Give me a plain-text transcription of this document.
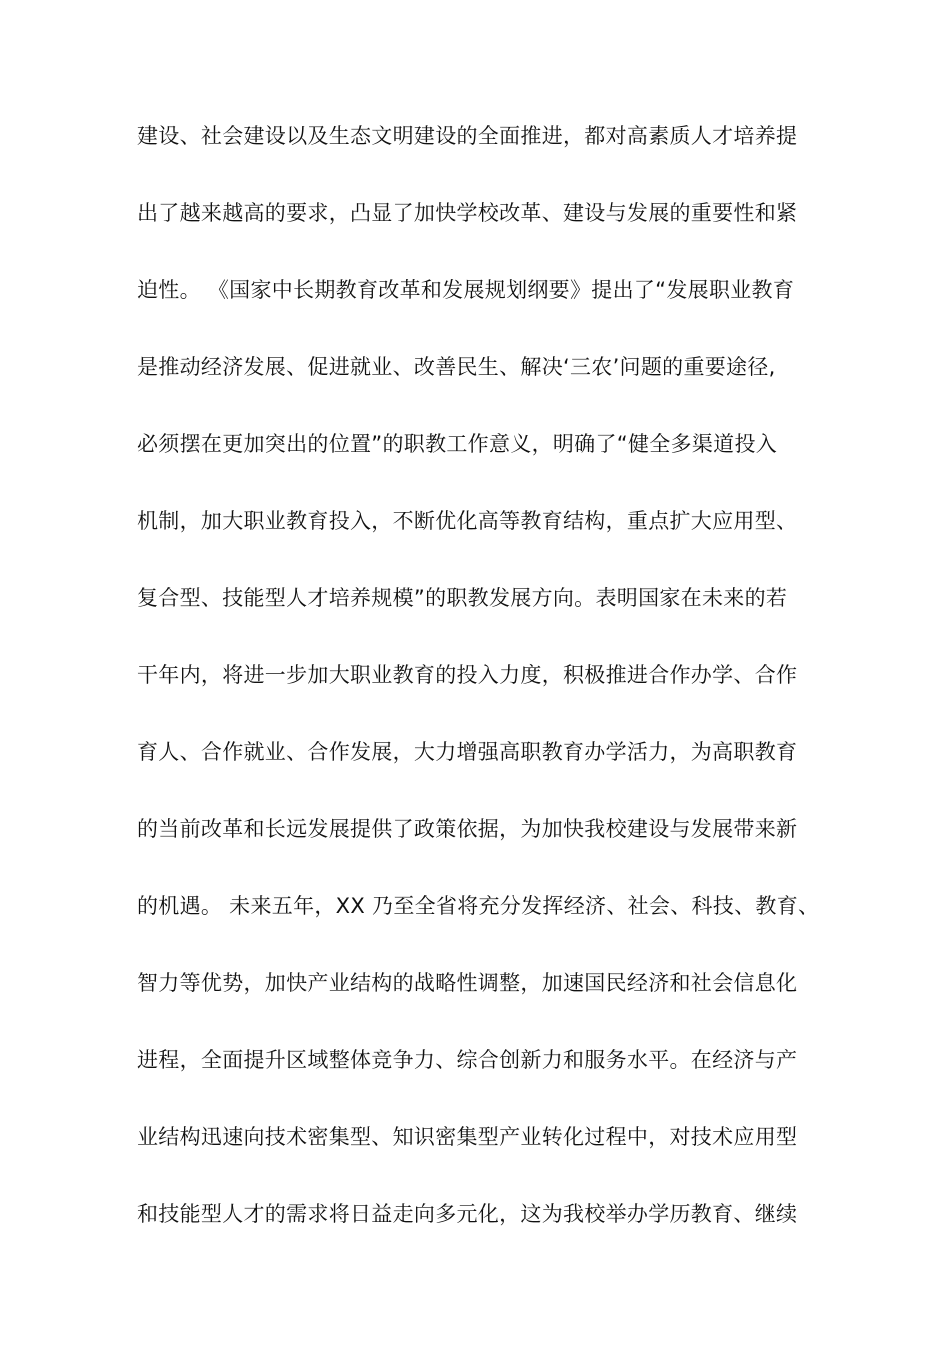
建设、社会建设以及生态文明建设的全面推进，都对高素质人才培养提

出了越来越高的要求，凸显了加快学校改革、建设与发展的重要性和紧

迫性。 《国家中长期教育改革和发展规划纲要》提出了“发展职业教育

是推动经济发展、促进就业、改善民生、解决‘三农’问题的重要途径,

必须摆在更加突出的位置”的职教工作意义，明确了“健全多渠道投入

机制，加大职业教育投入，不断优化高等教育结构，重点扩大应用型、

复合型、技能型人才培养规模”的职教发展方向。表明国家在未来的若

干年内，将进一步加大职业教育的投入力度，积极推进合作办学、合作

育人、合作就业、合作发展，大力增强高职教育办学活力，为高职教育

的当前改革和长远发展提供了政策依据，为加快我校建设与发展带来新

的机遇。 未来五年，XX 乃至全省将充分发挥经济、社会、科技、教育、

智力等优势，加快产业结构的战略性调整，加速国民经济和社会信息化

进程，全面提升区域整体竞争力、综合创新力和服务水平。在经济与产

业结构迅速向技术密集型、知识密集型产业转化过程中，对技术应用型

和技能型人才的需求将日益走向多元化，这为我校举办学历教育、继续
